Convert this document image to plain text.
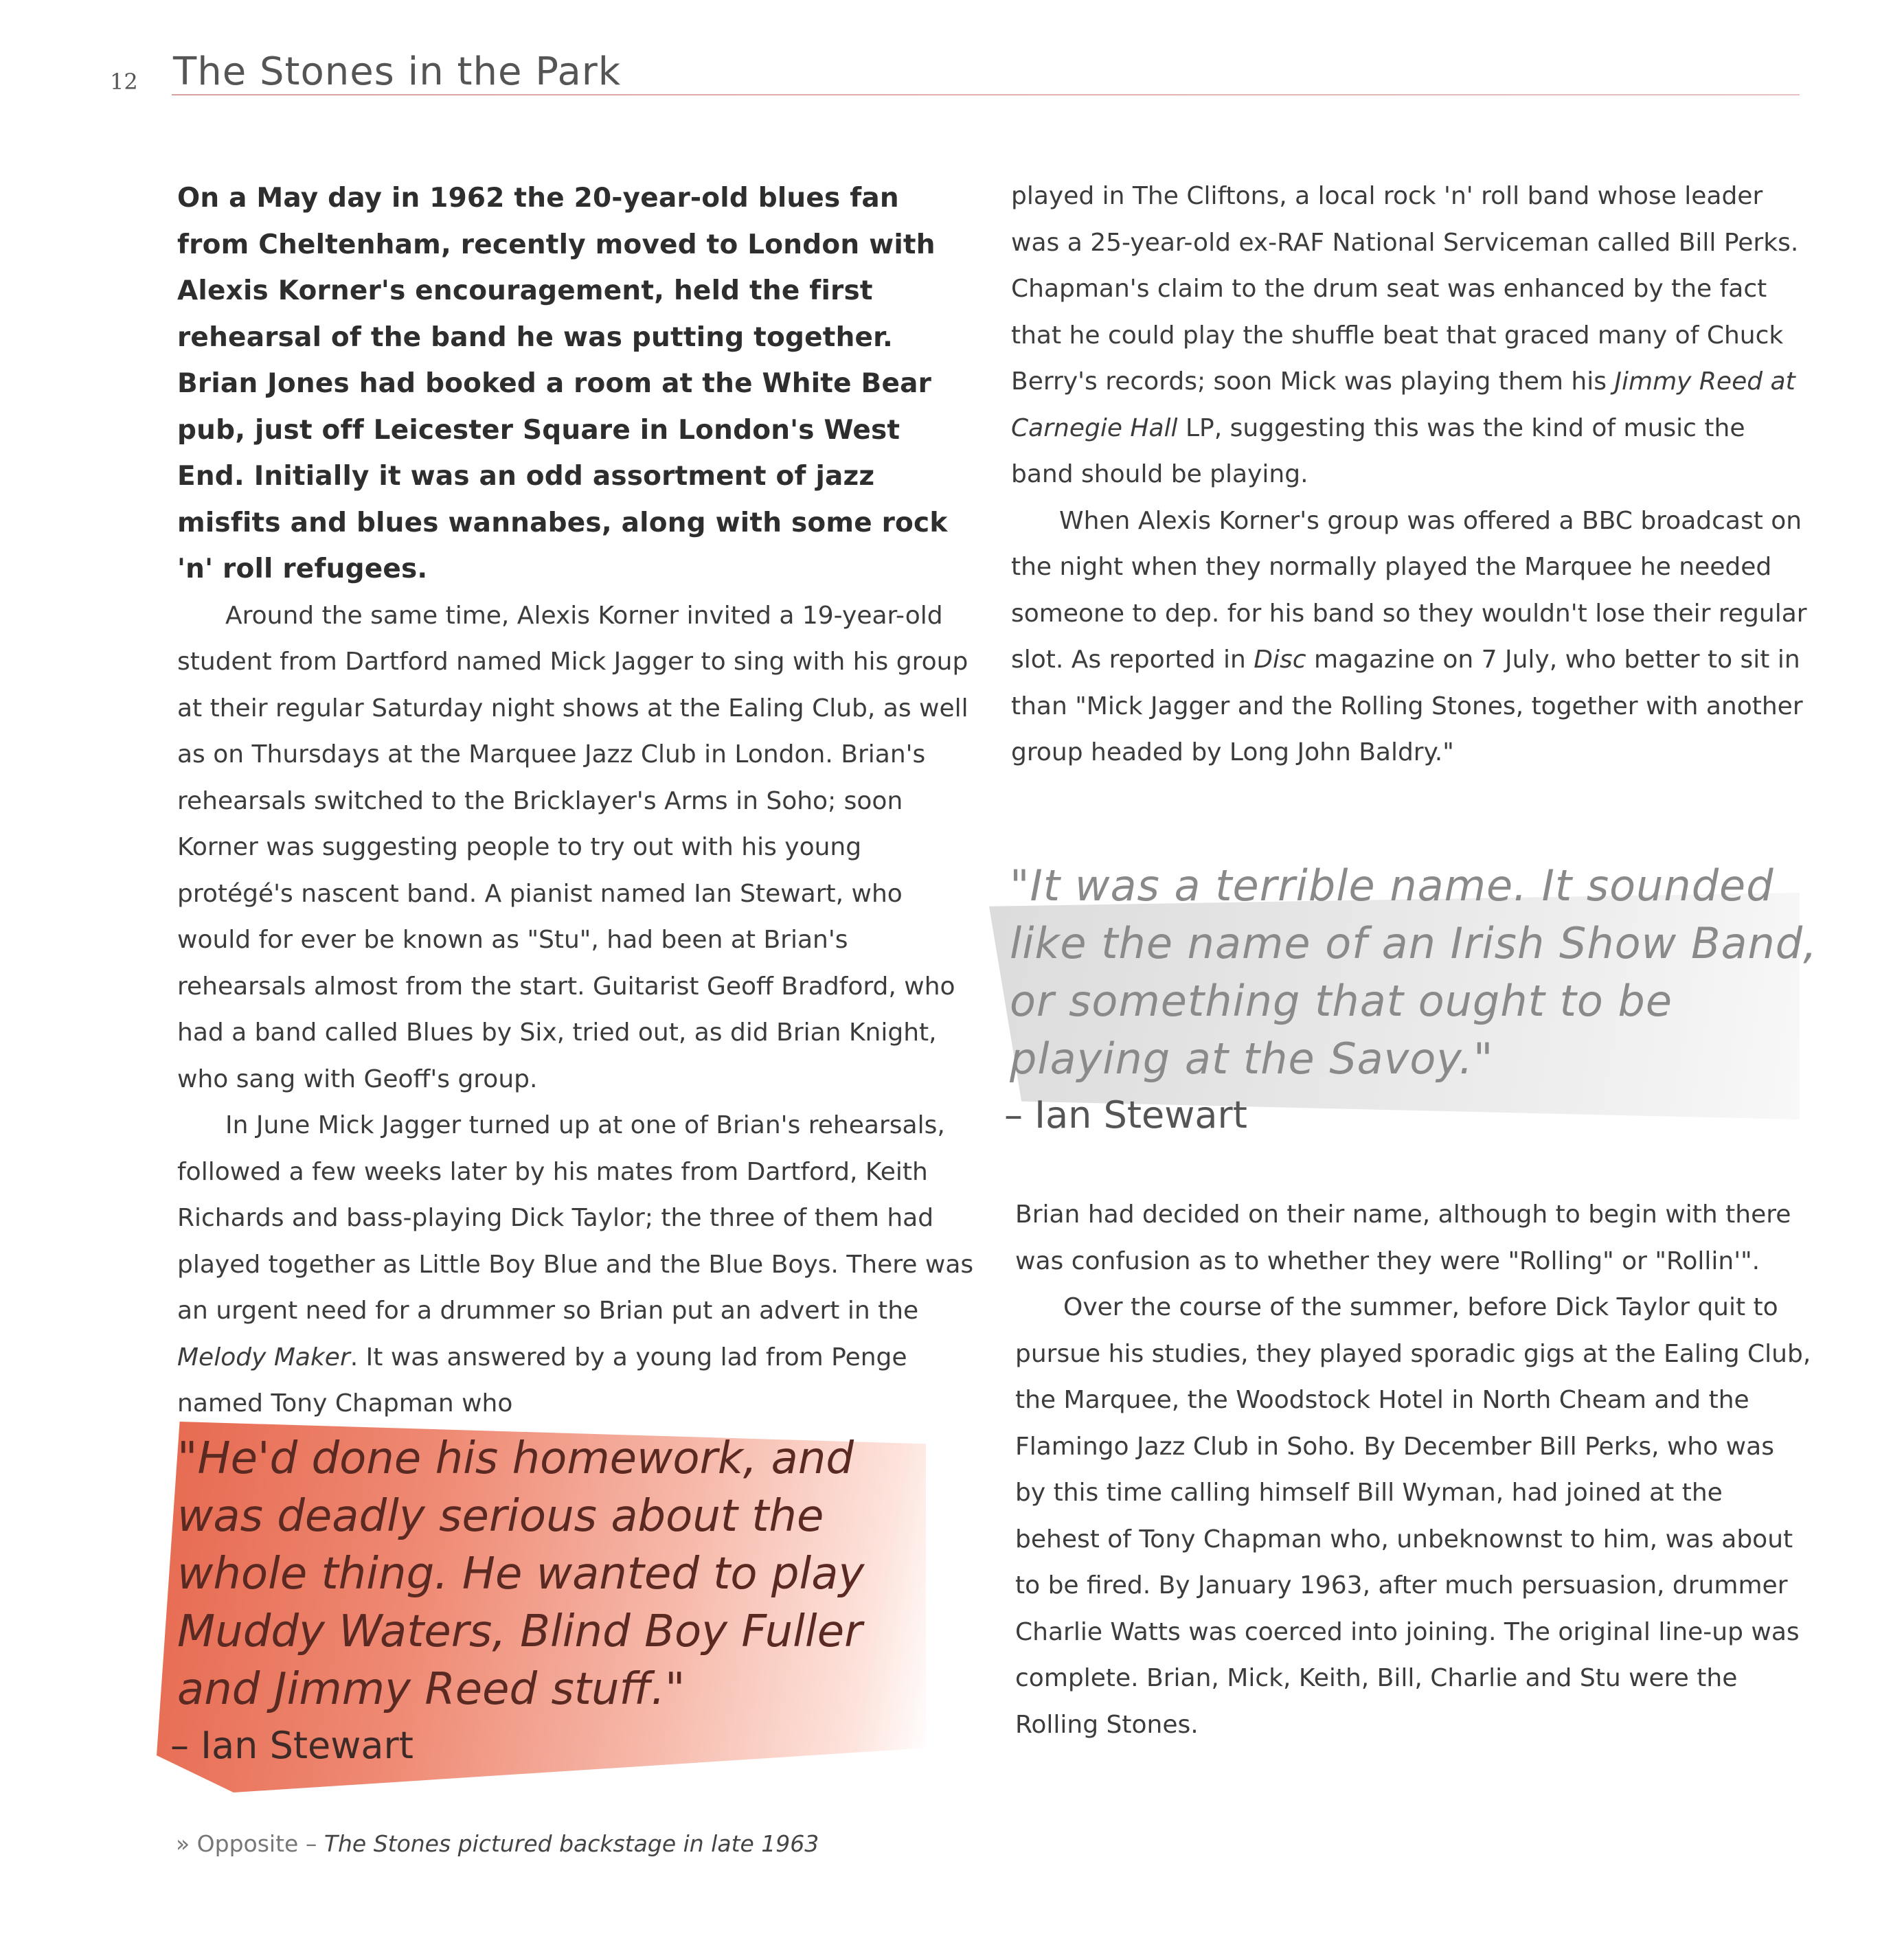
12 The Stones in the Park

On a May day in 1962 the 20-year-old blues fan from Cheltenham, recently moved to London with Alexis Korner's encouragement, held the first rehearsal of the band he was putting together. Brian Jones had booked a room at the White Bear pub, just off Leicester Square in London's West End. Initially it was an odd assortment of jazz misfits and blues wannabes, along with some rock 'n' roll refugees.

Around the same time, Alexis Korner invited a 19-year-old student from Dartford named Mick Jagger to sing with his group at their regular Saturday night shows at the Ealing Club, as well as on Thursdays at the Marquee Jazz Club in London. Brian's rehearsals switched to the Bricklayer's Arms in Soho; soon Korner was suggesting people to try out with his young protégé's nascent band. A pianist named Ian Stewart, who would for ever be known as "Stu", had been at Brian's rehearsals almost from the start. Guitarist Geoff Bradford, who had a band called Blues by Six, tried out, as did Brian Knight, who sang with Geoff's group.

In June Mick Jagger turned up at one of Brian's rehearsals, followed a few weeks later by his mates from Dartford, Keith Richards and bass-playing Dick Taylor; the three of them had played together as Little Boy Blue and the Blue Boys. There was an urgent need for a drummer so Brian put an advert in the Melody Maker. It was answered by a young lad from Penge named Tony Chapman who

played in The Cliftons, a local rock 'n' roll band whose leader was a 25-year-old ex-RAF National Serviceman called Bill Perks. Chapman's claim to the drum seat was enhanced by the fact that he could play the shuffle beat that graced many of Chuck Berry's records; soon Mick was playing them his Jimmy Reed at Carnegie Hall LP, suggesting this was the kind of music the band should be playing.

When Alexis Korner's group was offered a BBC broadcast on the night when they normally played the Marquee he needed someone to dep. for his band so they wouldn't lose their regular slot. As reported in Disc magazine on 7 July, who better to sit in than "Mick Jagger and the Rolling Stones, together with another group headed by Long John Baldry."

"It was a terrible name. It sounded like the name of an Irish Show Band, or something that ought to be playing at the Savoy."
– Ian Stewart

Brian had decided on their name, although to begin with there was confusion as to whether they were "Rolling" or "Rollin'".

Over the course of the summer, before Dick Taylor quit to pursue his studies, they played sporadic gigs at the Ealing Club, the Marquee, the Woodstock Hotel in North Cheam and the Flamingo Jazz Club in Soho. By December Bill Perks, who was by this time calling himself Bill Wyman, had joined at the behest of Tony Chapman who, unbeknownst to him, was about to be fired. By January 1963, after much persuasion, drummer Charlie Watts was coerced into joining. The original line-up was complete. Brian, Mick, Keith, Bill, Charlie and Stu were the Rolling Stones.

"He'd done his homework, and was deadly serious about the whole thing. He wanted to play Muddy Waters, Blind Boy Fuller and Jimmy Reed stuff."
– Ian Stewart
» Opposite – The Stones pictured backstage in late 1963
